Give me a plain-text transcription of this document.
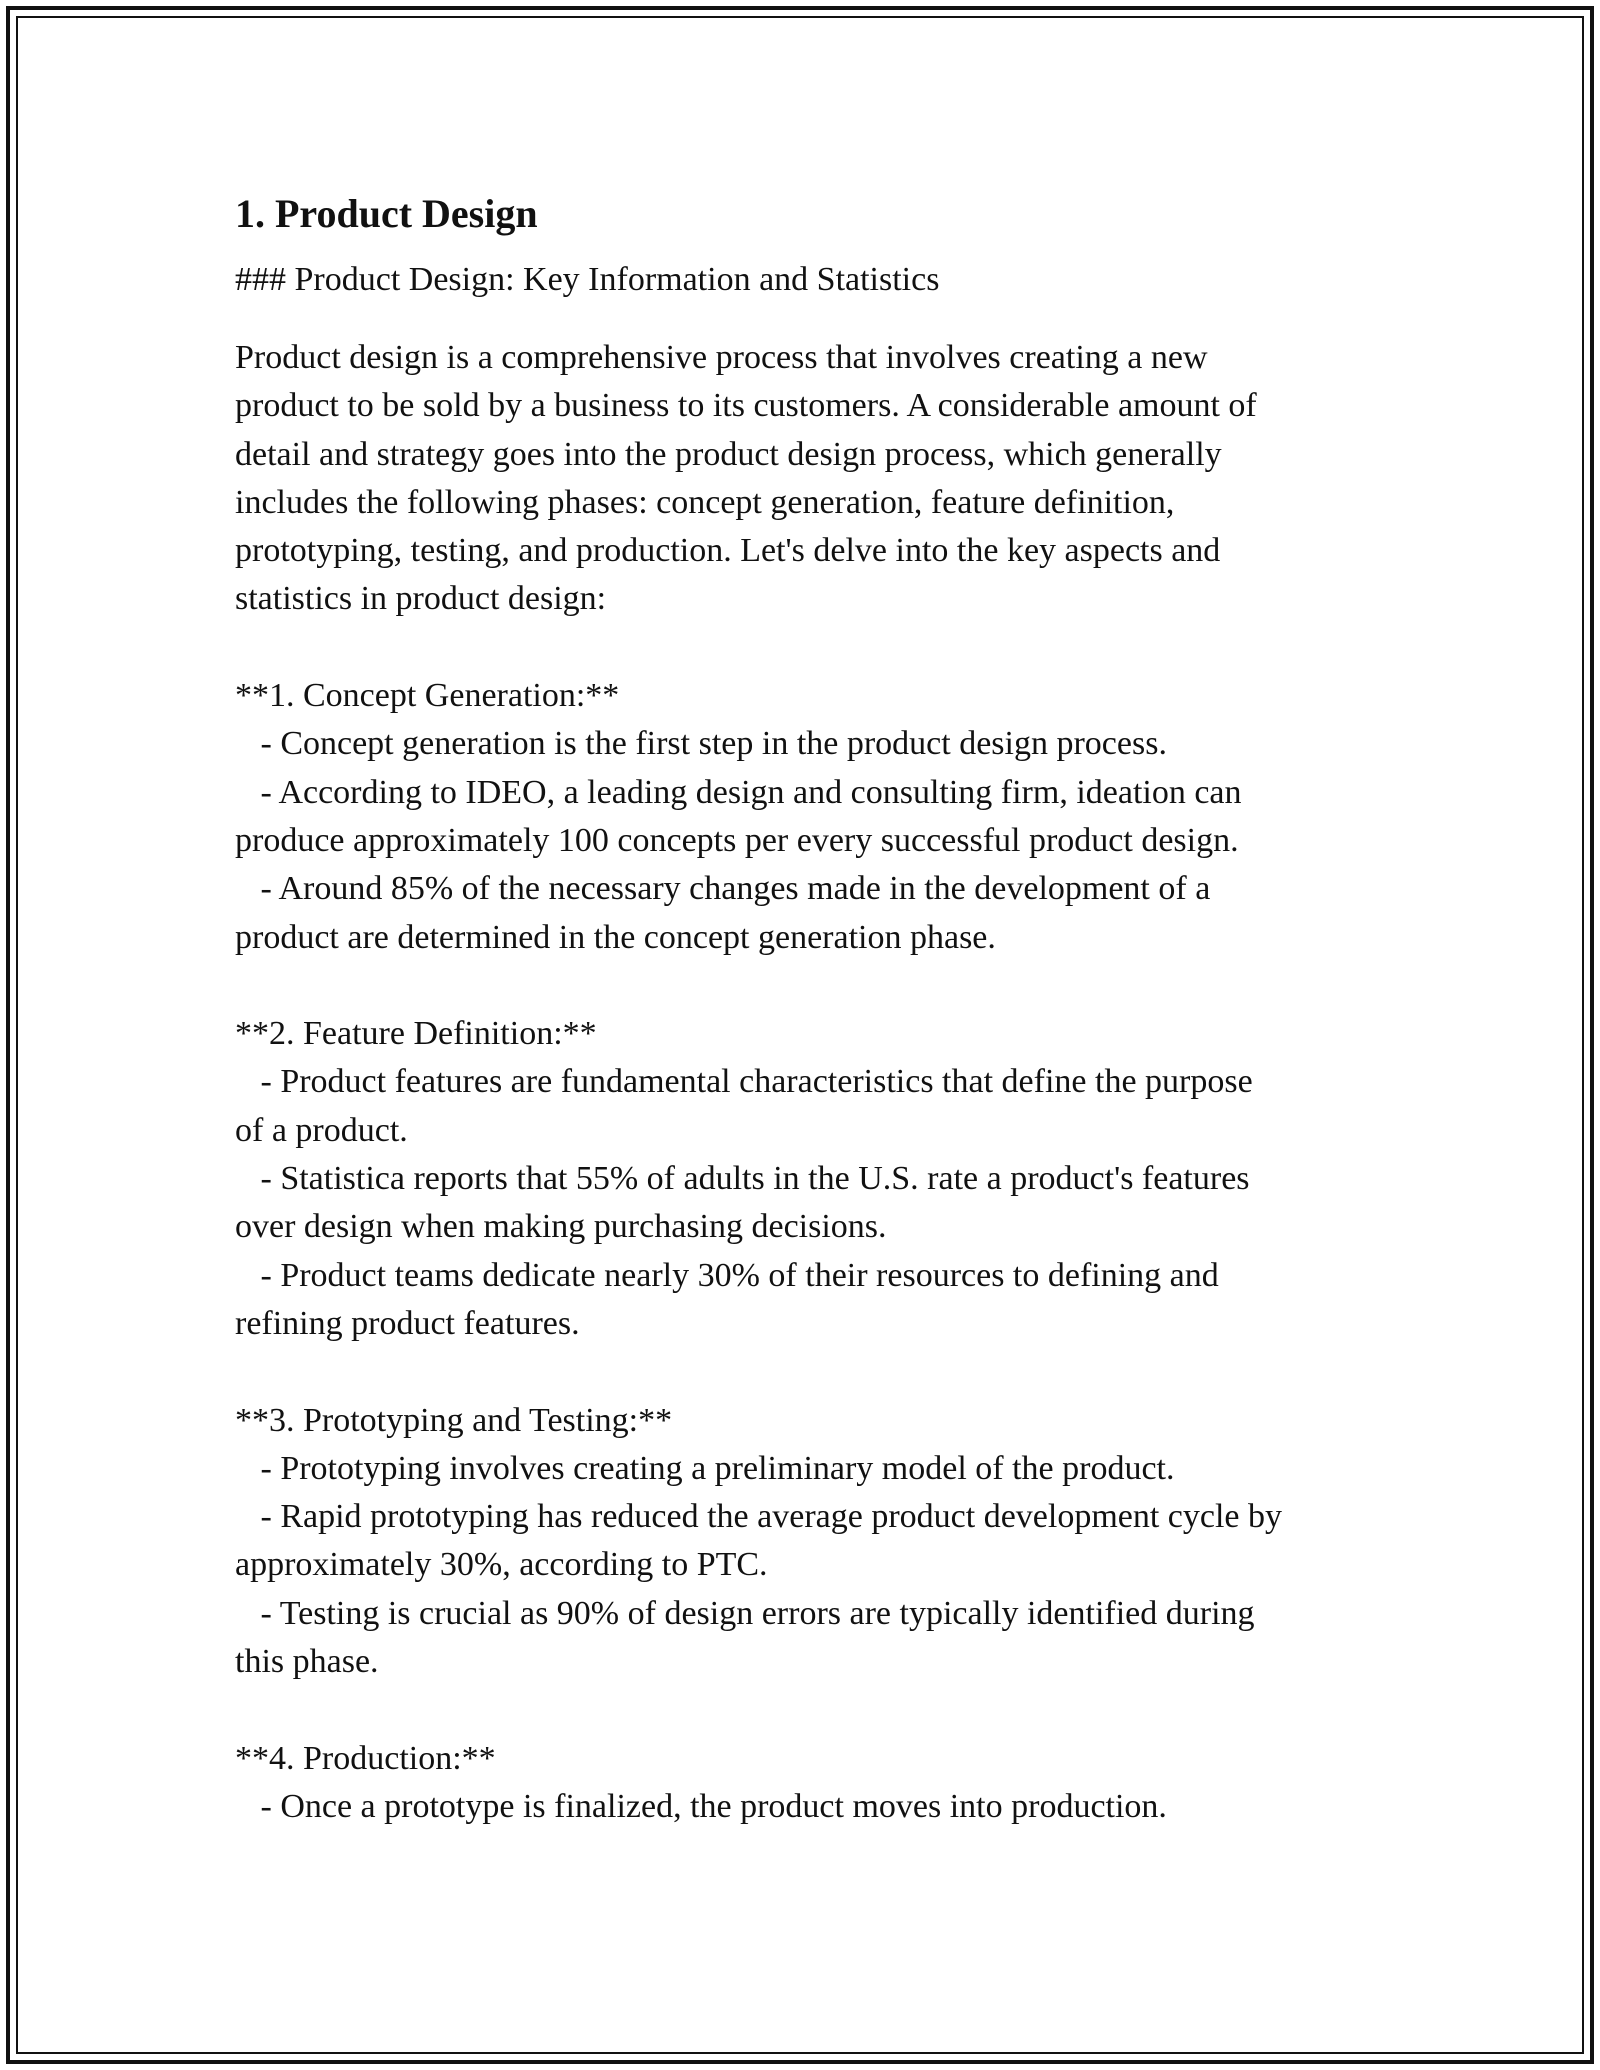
1. Product Design

### Product Design: Key Information and Statistics

Product design is a comprehensive process that involves creating a new

product to be sold by a business to its customers. A considerable amount of

detail and strategy goes into the product design process, which generally

includes the following phases: concept generation, feature definition,

prototyping, testing, and production. Let's delve into the key aspects and

statistics in product design:

**1. Concept Generation:**

- Concept generation is the first step in the product design process.

- According to IDEO, a leading design and consulting firm, ideation can

produce approximately 100 concepts per every successful product design.

- Around 85% of the necessary changes made in the development of a

product are determined in the concept generation phase.

**2. Feature Definition:**

- Product features are fundamental characteristics that define the purpose

of a product.

- Statistica reports that 55% of adults in the U.S. rate a product's features

over design when making purchasing decisions.

- Product teams dedicate nearly 30% of their resources to defining and

refining product features.

**3. Prototyping and Testing:**

- Prototyping involves creating a preliminary model of the product.

- Rapid prototyping has reduced the average product development cycle by

approximately 30%, according to PTC.

- Testing is crucial as 90% of design errors are typically identified during

this phase.

**4. Production:**

- Once a prototype is finalized, the product moves into production.
